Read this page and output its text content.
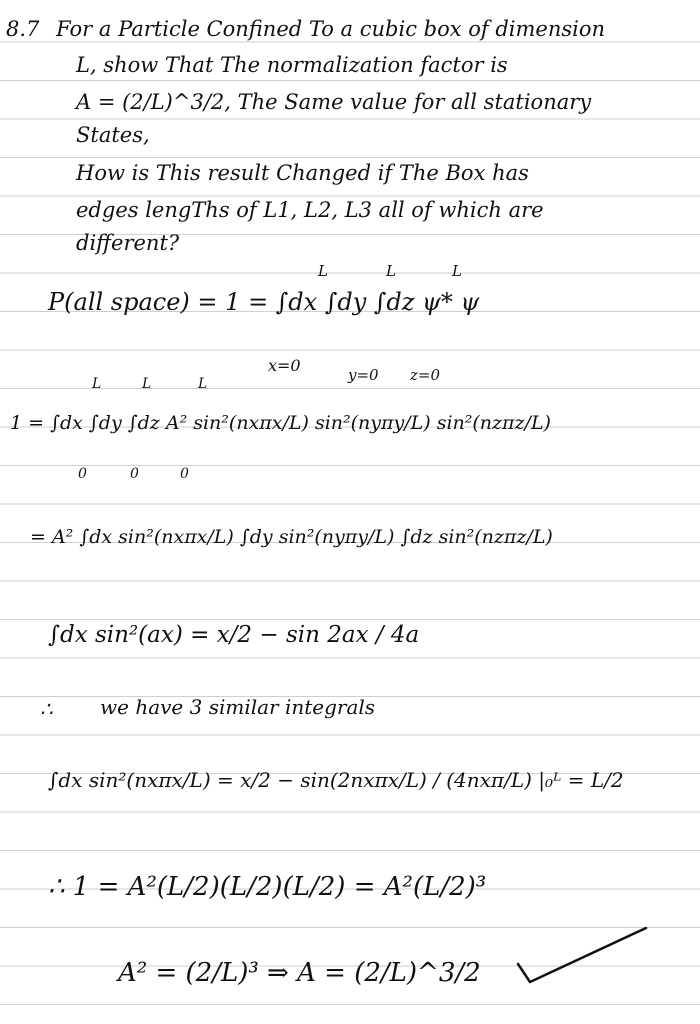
8.7 For a Particle Confined To a cubic box of dimension
L, show That The normalization factor is
A = (2/L)^3/2, The Same value for all stationary
States,
How is This result Changed if The Box has
edges lengThs of L1, L2, L3 all of which are
different?
P(all space) = 1 = ∫dx ∫dy ∫dz ψ* ψ
L	L	L
x=0	y=0 z=0
1 = ∫dx ∫dy ∫dz A² sin²(nxπx/L) sin²(nyπy/L) sin²(nzπz/L)
L	L	L
0	0	0
= A² ∫dx sin²(nxπx/L) ∫dy sin²(nyπy/L) ∫dz sin²(nzπz/L)
∫dx sin²(ax) = x/2 − sin 2ax / 4a
∴ we have 3 similar integrals
∫dx sin²(nxπx/L) = x/2 − sin(2nxπx/L) / (4nxπ/L) |₀ᴸ = L/2
∴ 1 = A²(L/2)(L/2)(L/2) = A²(L/2)³
A² = (2/L)³ ⇒ A = (2/L)^3/2
